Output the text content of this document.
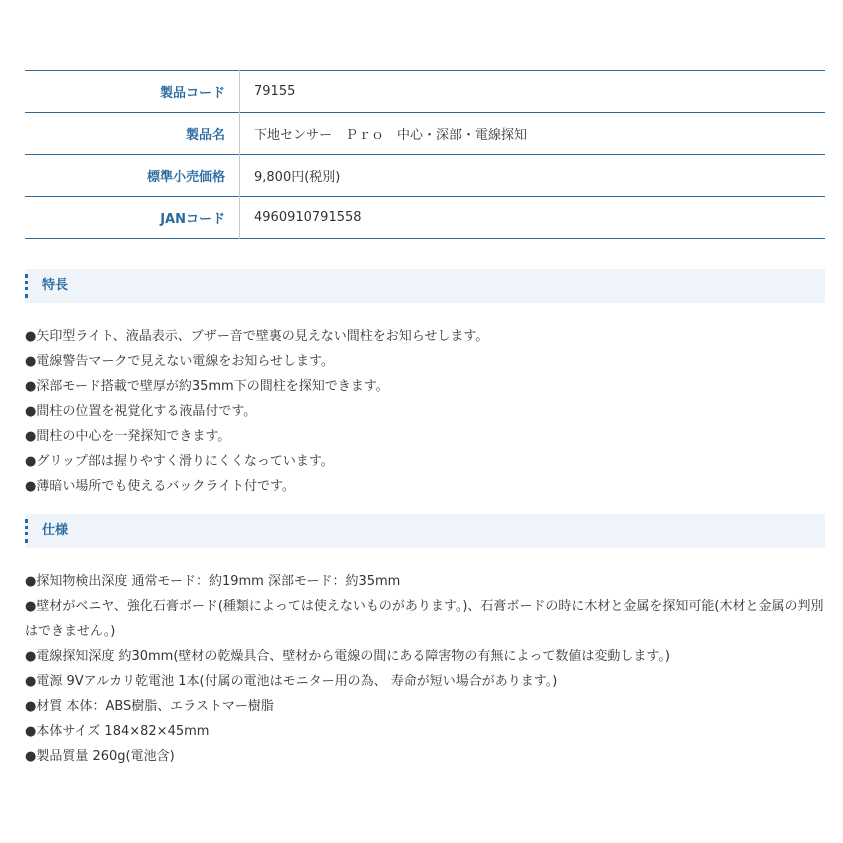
製品コード	79155
製品名	下地センサー　Ｐｒｏ　中心・深部・電線探知
標準小売価格	9,800円(税別)
JANコード	4960910791558
特長
●矢印型ライト、液晶表示、ブザー音で壁裏の見えない間柱をお知らせします。
●電線警告マークで見えない電線をお知らせします。
●深部モード搭載で壁厚が約35mm下の間柱を探知できます。
●間柱の位置を視覚化する液晶付です。
●間柱の中心を一発探知できます。
●グリップ部は握りやすく滑りにくくなっています。
●薄暗い場所でも使えるバックライト付です。
仕様
●探知物検出深度 通常モード：約19mm 深部モード：約35mm
●壁材がベニヤ、強化石膏ボード(種類によっては使えないものがあります。)、石膏ボードの時に木材と金属を探知可能(木材と金属の判別はできません。)
●電線探知深度 約30mm(壁材の乾燥具合、壁材から電線の間にある障害物の有無によって数値は変動します。)
●電源 9Vアルカリ乾電池 1本(付属の電池はモニター用の為、 寿命が短い場合があります。)
●材質 本体：ABS樹脂、エラストマー樹脂
●本体サイズ 184×82×45mm
●製品質量 260g(電池含)
